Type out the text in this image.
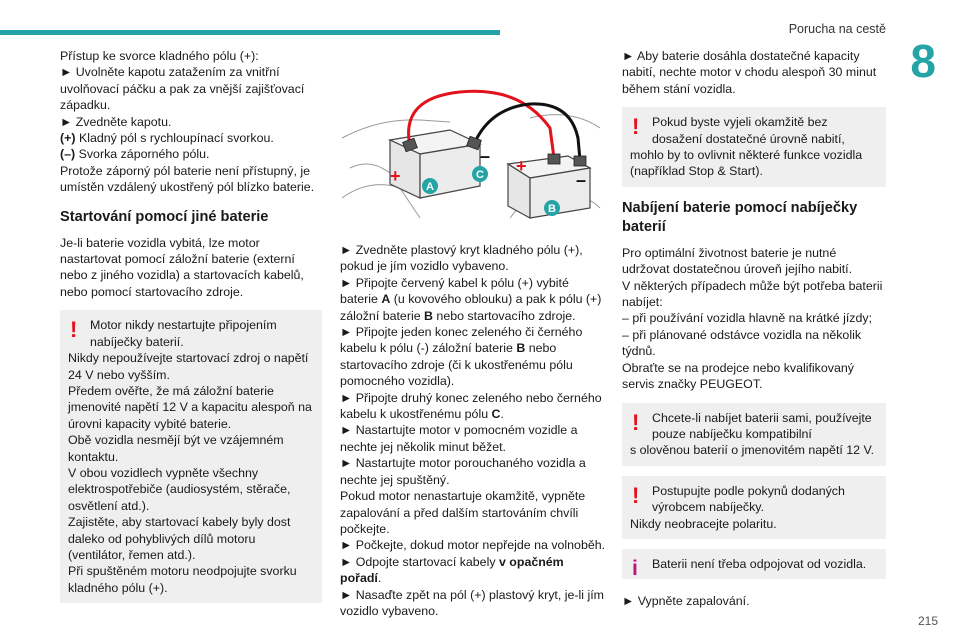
Porucha na cestě
8
215
Přístup ke svorce kladného pólu (+):
► Uvolněte kapotu zatažením za vnitřní uvolňovací páčku a pak za vnější zajišťovací západku.
► Zvedněte kapotu.
(+) Kladný pól s rychloupínací svorkou.
(–) Svorka záporného pólu.
Protože záporný pól baterie není přístupný, je umístěn vzdálený ukostřený pól blízko baterie.
Startování pomocí jiné baterie
Je-li baterie vozidla vybitá, lze motor nastartovat pomocí záložní baterie (externí nebo z jiného vozidla) a startovacích kabelů, nebo pomocí startovacího zdroje.
!	Motor nikdy nestartujte připojením nabíječky baterií.
Nikdy nepoužívejte startovací zdroj o napětí 24 V nebo vyšším.
Předem ověřte, že má záložní baterie jmenovité napětí 12 V a kapacitu alespoň na úrovni kapacity vybité baterie.
Obě vozidla nesmějí být ve vzájemném kontaktu.
V obou vozidlech vypněte všechny elektrospotřebiče (audiosystém, stěrače, osvětlení atd.).
Zajistěte, aby startovací kabely byly dost daleko od pohyblivých dílů motoru (ventilátor, řemen atd.).
Při spuštěném motoru neodpojujte svorku kladného pólu (+).
+	+
–
–
A
B
C
► Zvedněte plastový kryt kladného pólu (+), pokud je jím vozidlo vybaveno.
► Připojte červený kabel k pólu (+) vybité baterie A (u kovového oblouku) a pak k pólu (+) záložní baterie B nebo startovacího zdroje.
► Připojte jeden konec zeleného či černého kabelu k pólu (-) záložní baterie B nebo startovacího zdroje (či k ukostřenému pólu pomocného vozidla).
► Připojte druhý konec zeleného nebo černého kabelu k ukostřenému pólu C.
► Nastartujte motor v pomocném vozidle a nechte jej několik minut běžet.
► Nastartujte motor porouchaného vozidla a nechte jej spuštěný.
Pokud motor nenastartuje okamžitě, vypněte zapalování a před dalším startováním chvíli počkejte.
► Počkejte, dokud motor nepřejde na volnoběh.
► Odpojte startovací kabely v opačném pořadí.
► Nasaďte zpět na pól (+) plastový kryt, je-li jím vozidlo vybaveno.
► Aby baterie dosáhla dostatečné kapacity nabití, nechte motor v chodu alespoň 30 minut během stání vozidla.
!	Pokud byste vyjeli okamžitě bez dosažení dostatečné úrovně nabití,
mohlo by to ovlivnit některé funkce vozidla (například Stop & Start).
Nabíjení baterie pomocí nabíječky baterií
Pro optimální životnost baterie je nutné udržovat dostatečnou úroveň jejího nabití.
V některých případech může být potřeba baterii nabíjet:
– při používání vozidla hlavně na krátké jízdy;
– při plánované odstávce vozidla na několik týdnů.
Obraťte se na prodejce nebo kvalifikovaný servis značky PEUGEOT.
!	Chcete-li nabíjet baterii sami, používejte pouze nabíječku kompatibilní
s olověnou baterií o jmenovitém napětí 12 V.
!	Postupujte podle pokynů dodaných výrobcem nabíječky.
Nikdy neobracejte polaritu.
i	Baterii není třeba odpojovat od vozidla.
► Vypněte zapalování.
